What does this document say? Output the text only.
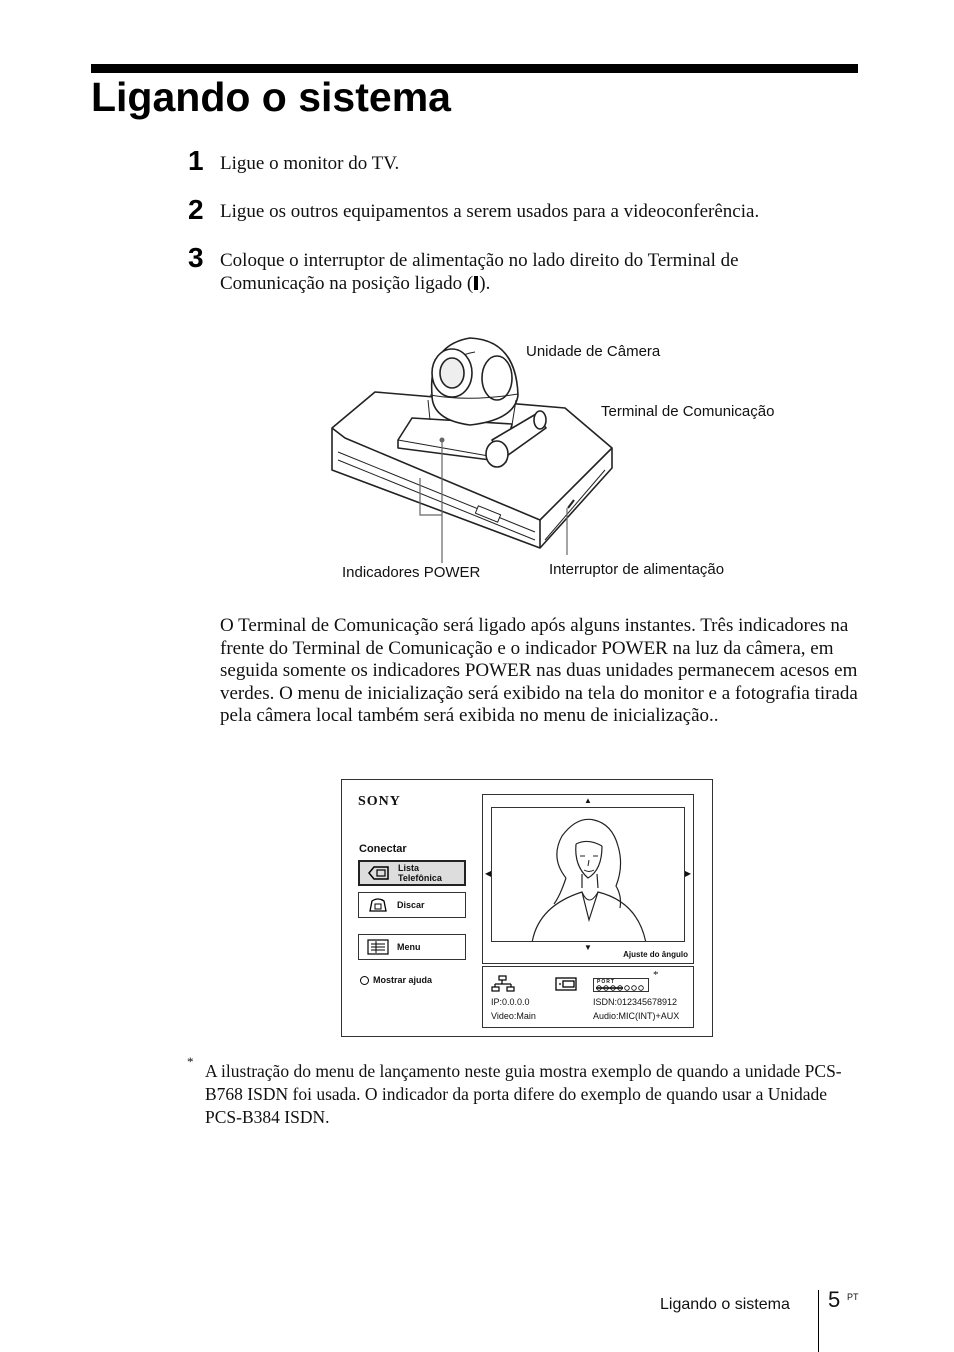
Ligando o sistema
1 Ligue o monitor do TV.
2 Ligue os outros equipamentos a serem usados para a videoconferência.
3 Coloque o interruptor de alimentação no lado direito do Terminal de Comunicação na posição ligado ( ).
Unidade de Câmera
Terminal de Comunicação
Indicadores POWER	Interruptor de alimentação

O Terminal de Comunicação será ligado após alguns instantes. Três indicadores na frente do Terminal de Comunicação e o indicador POWER na luz da câmera, em seguida somente os indicadores POWER nas duas unidades permanecem acesos em verdes. O menu de inicialização será exibido na tela do monitor e a fotografia tirada pela câmera local também será exibida no menu de inicialização..

SONY
Conectar
Lista Telefônica
Discar
Menu
Mostrar ajuda
▲
◀	▶
▼
Ajuste do ângulo
PORT
*
IP:0.0.0.0	ISDN:012345678912
Video:Main	Audio:MIC(INT)+AUX
* A ilustração do menu de lançamento neste guia mostra exemplo de quando a unidade PCS-B768 ISDN foi usada. O indicador da porta difere do exemplo de quando usar a Unidade PCS-B384 ISDN.

Ligando o sistema 5 PT
